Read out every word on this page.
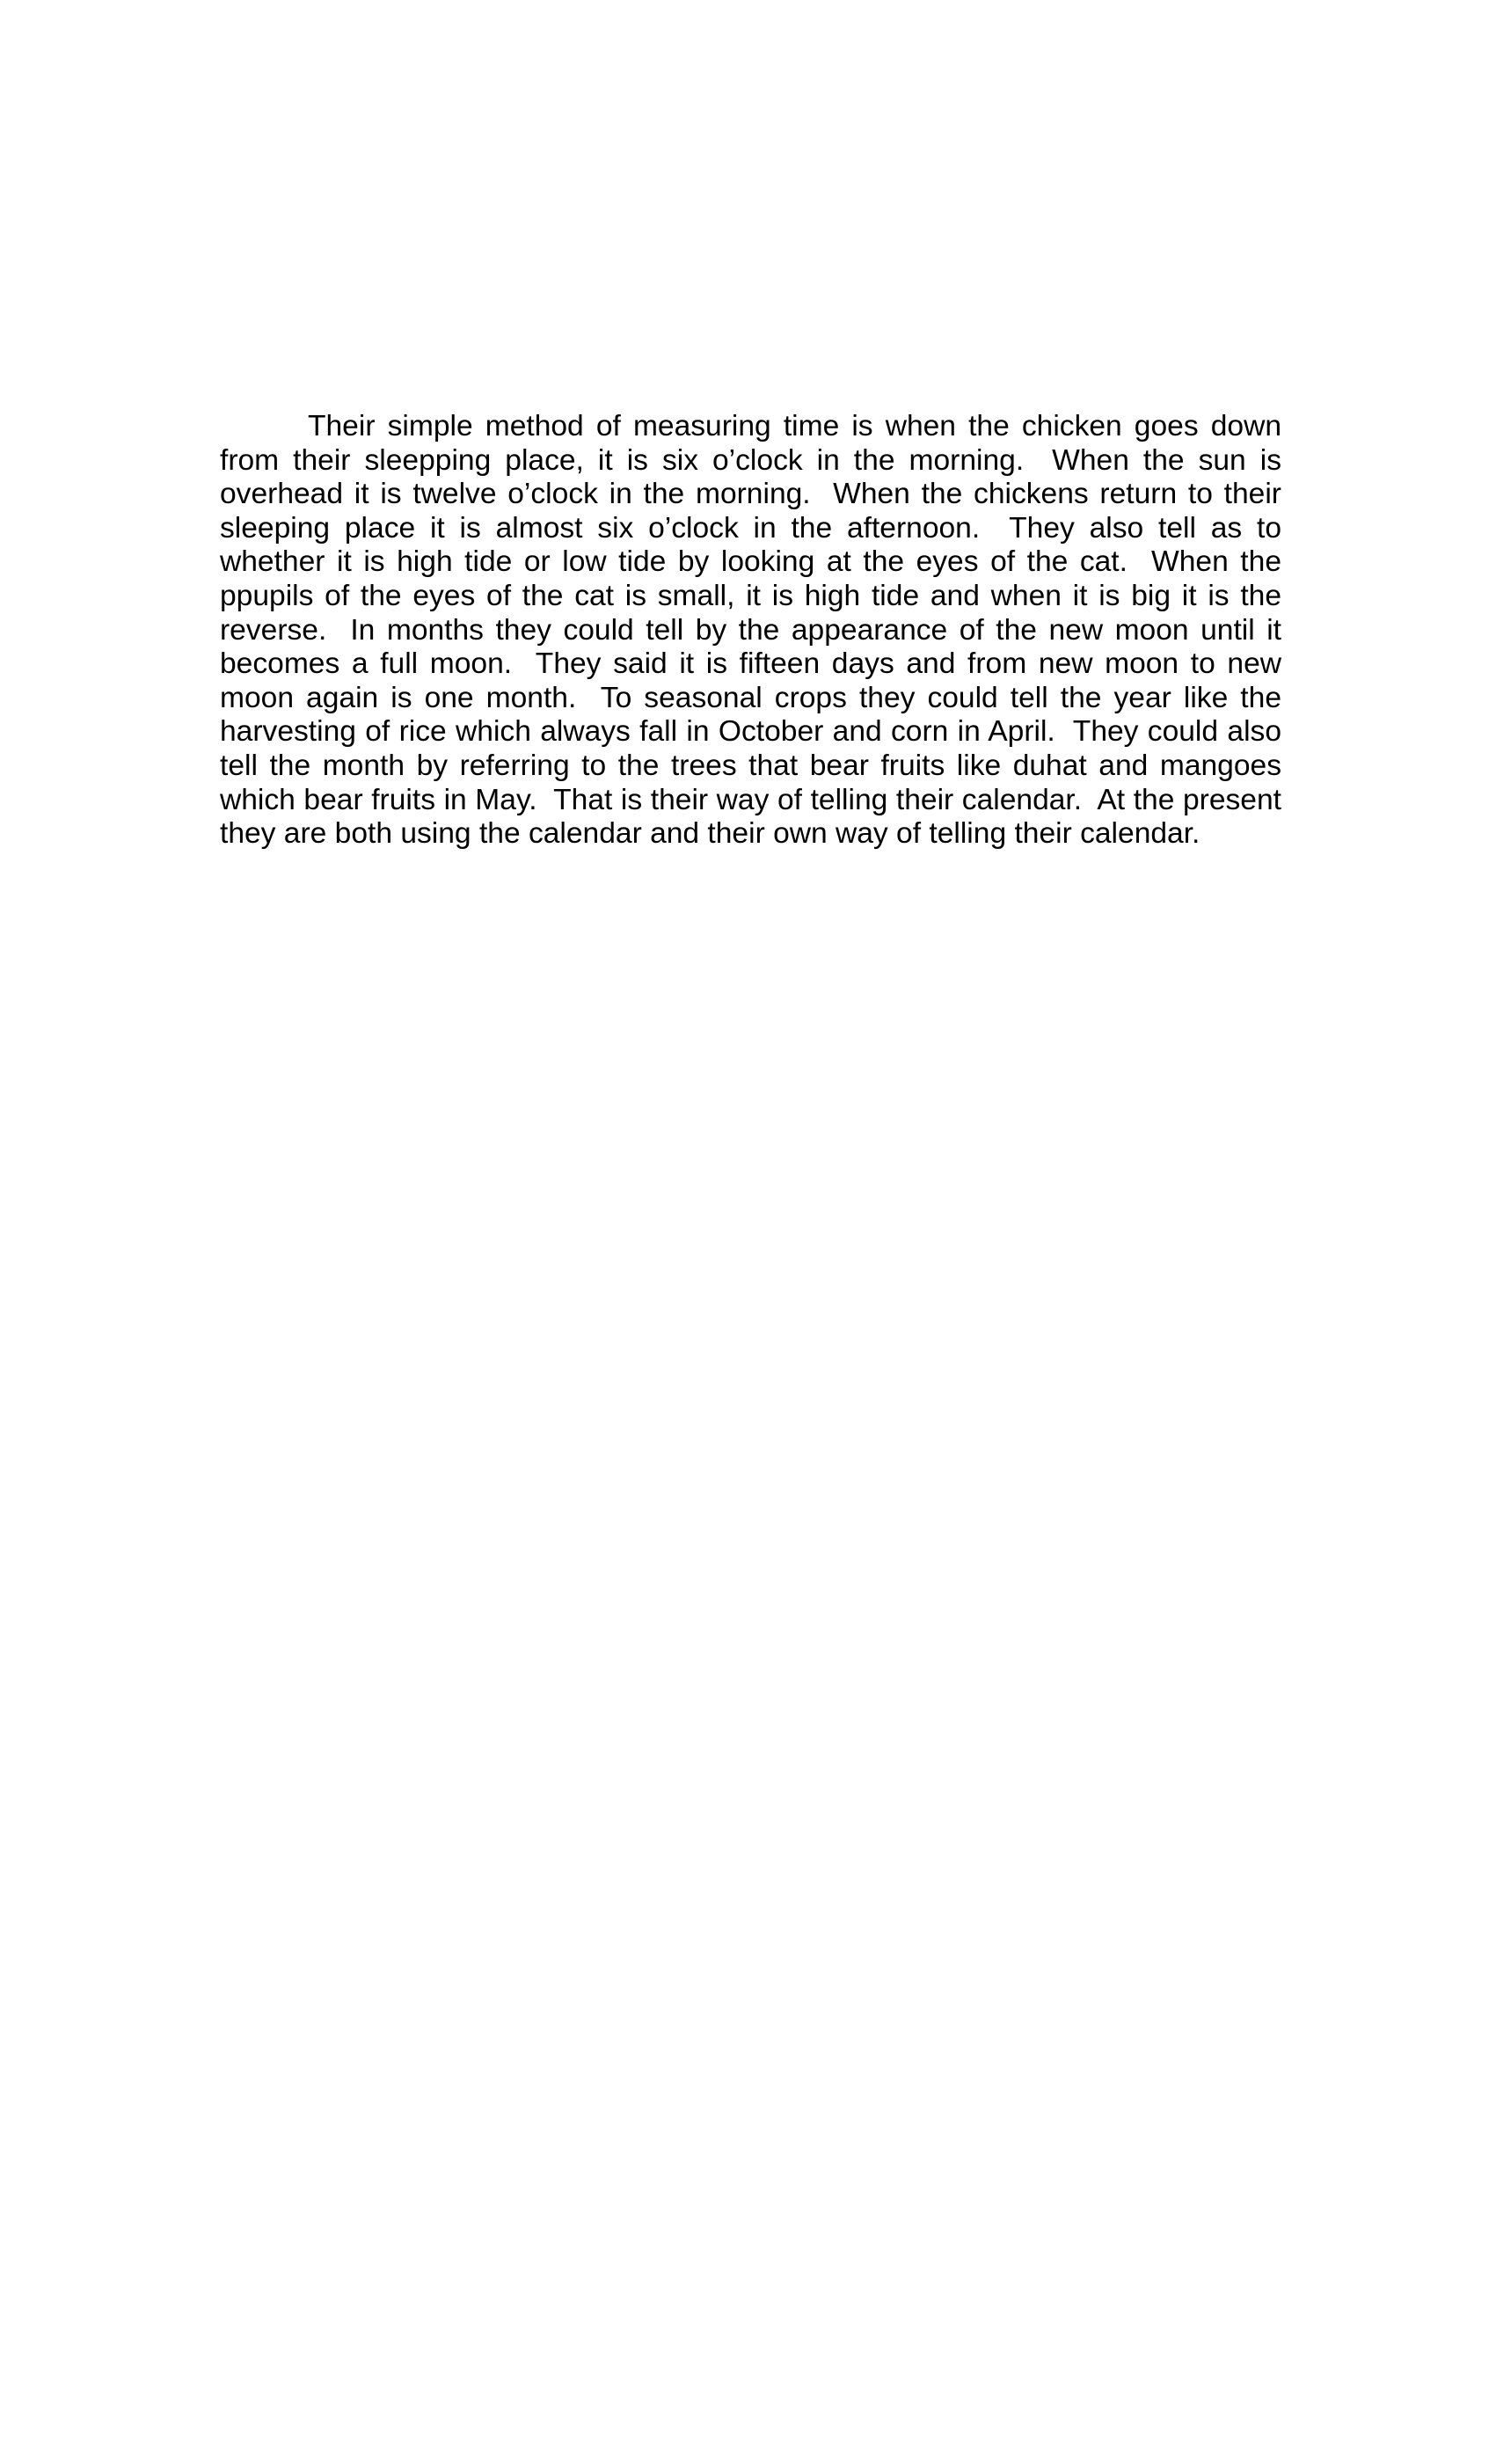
Their simple method of measuring time is when the chicken goes down from their sleepping place, it is six o’clock in the morning.  When the sun is overhead it is twelve o’clock in the morning.  When the chickens return to their sleeping place it is almost six o’clock in the afternoon.  They also tell as to whether it is high tide or low tide by looking at the eyes of the cat.  When the ppupils of the eyes of the cat is small, it is high tide and when it is big it is the reverse.  In months they could tell by the appearance of the new moon until it becomes a full moon.  They said it is fifteen days and from new moon to new moon again is one month.  To seasonal crops they could tell the year like the harvesting of rice which always fall in October and corn in April.  They could also tell the month by referring to the trees that bear fruits like duhat and mangoes which bear fruits in May.  That is their way of telling their calendar.  At the present they are both using the calendar and their own way of telling their calendar.
